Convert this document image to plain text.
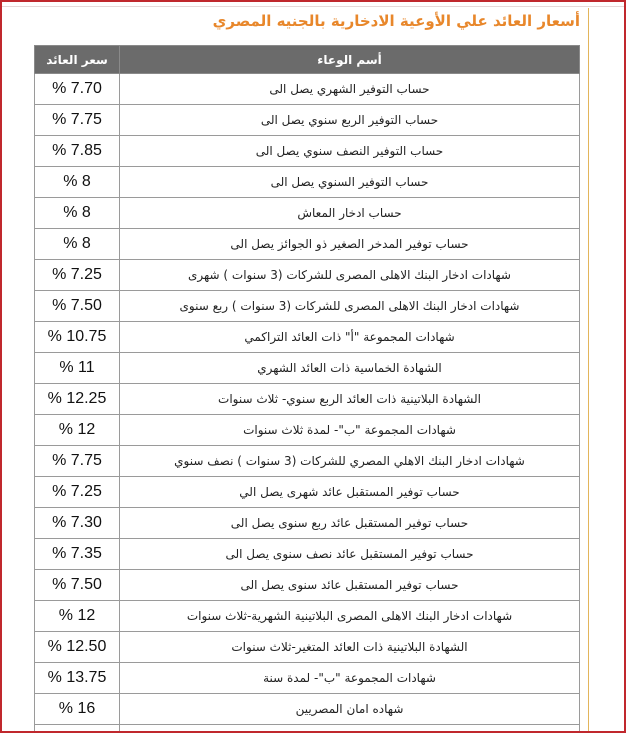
أسعار العائد علي الأوعية الادخارية بالجنيه المصري
أسم الوعاء	سعر العائد
حساب التوفير الشهري يصل الى	% 7.70
حساب التوفير الربع سنوي يصل الى	% 7.75
حساب التوفير النصف سنوي يصل الى	% 7.85
حساب التوفير السنوي يصل الى	% 8
حساب ادخار المعاش	% 8
حساب توفير المدخر الصغير ذو الجوائز يصل الى	% 8
شهادات ادخار البنك الاهلى المصرى للشركات (3 سنوات ) شهرى	% 7.25
شهادات ادخار البنك الاهلى المصرى للشركات (3 سنوات ) ربع سنوى	% 7.50
شهادات المجموعة "أ" ذات العائد التراكمي	% 10.75
الشهادة الخماسية ذات العائد الشهري	% 11
الشهادة البلاتينية ذات العائد الربع سنوي- ثلاث سنوات	% 12.25
شهادات المجموعة "ب"- لمدة ثلاث سنوات	% 12
شهادات ادخار البنك الاهلي المصري للشركات (3 سنوات ) نصف سنوي	% 7.75
حساب توفير المستقبل عائد شهرى يصل الي	% 7.25
حساب توفير المستقبل عائد ربع سنوى يصل الى	% 7.30
حساب توفير المستقبل عائد نصف سنوى يصل الى	% 7.35
حساب توفير المستقبل عائد سنوى يصل الى	% 7.50
شهادات ادخار البنك الاهلى المصرى البلاتينية الشهرية-ثلاث سنوات	% 12
الشهادة البلاتينية ذات العائد المتغير-ثلاث سنوات	% 12.50
شهادات المجموعة "ب"- لمدة سنة	% 13.75
شهاده امان المصريين	% 16
